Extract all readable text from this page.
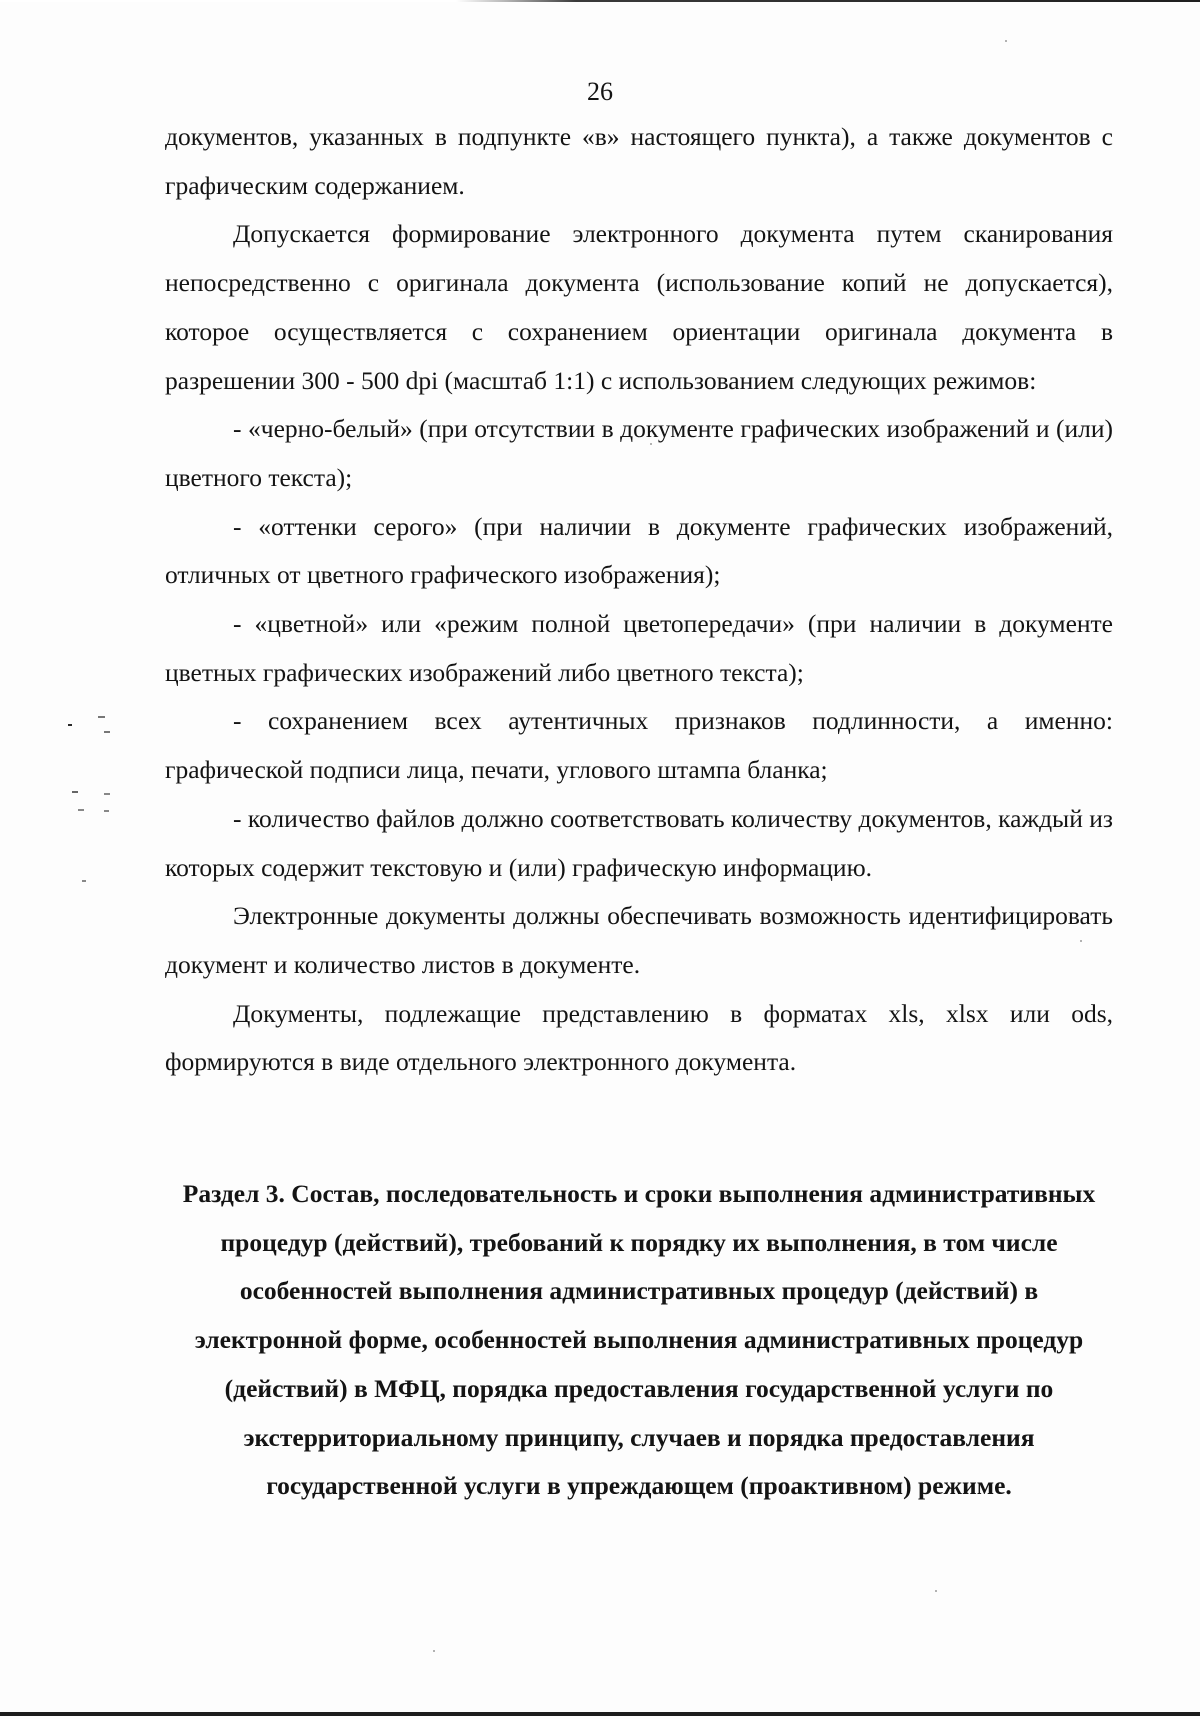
26

документов, указанных в подпункте «в» настоящего пункта), а также документов с графическим содержанием.

Допускается формирование электронного документа путем сканирования непосредственно с оригинала документа (использование копий не допускается), которое осуществляется с сохранением ориентации оригинала документа в разрешении 300 - 500 dpi (масштаб 1:1) с использованием следующих режимов:

- «черно-белый» (при отсутствии в документе графических изображений и (или) цветного текста);

- «оттенки серого» (при наличии в документе графических изображений, отличных от цветного графического изображения);

- «цветной» или «режим полной цветопередачи» (при наличии в документе цветных графических изображений либо цветного текста);

- сохранением всех аутентичных признаков подлинности, а именно: графической подписи лица, печати, углового штампа бланка;

- количество файлов должно соответствовать количеству документов, каждый из которых содержит текстовую и (или) графическую информацию.

Электронные документы должны обеспечивать возможность идентифицировать документ и количество листов в документе.

Документы, подлежащие представлению в форматах xls, xlsx или ods, формируются в виде отдельного электронного документа.

Раздел 3. Состав, последовательность и сроки выполнения административных процедур (действий), требований к порядку их выполнения, в том числе особенностей выполнения административных процедур (действий) в электронной форме, особенностей выполнения административных процедур (действий) в МФЦ, порядка предоставления государственной услуги по экстерриториальному принципу, случаев и порядка предоставления государственной услуги в упреждающем (проактивном) режиме.
